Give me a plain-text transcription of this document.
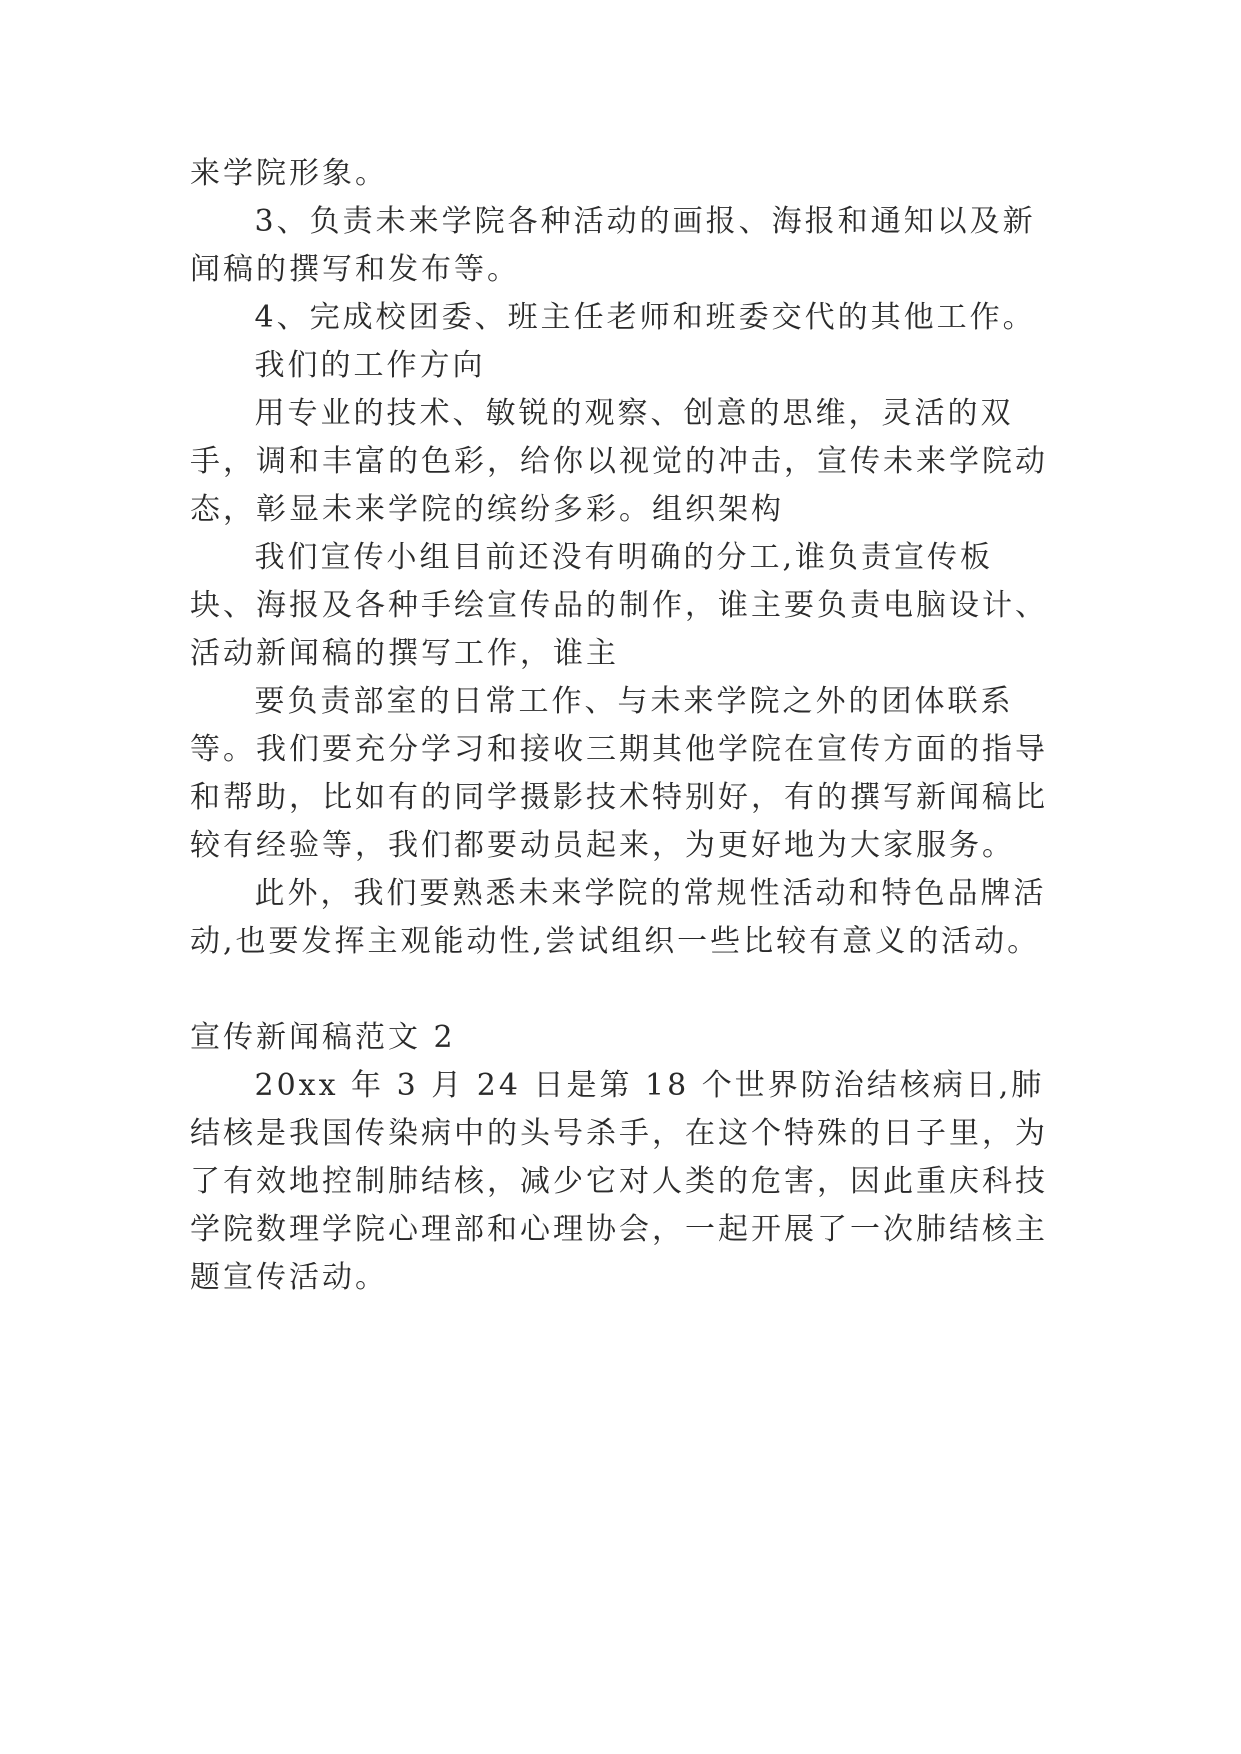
来学院形象。

3、负责未来学院各种活动的画报、海报和通知以及新闻稿的撰写和发布等。

4、完成校团委、班主任老师和班委交代的其他工作。

我们的工作方向

用专业的技术、敏锐的观察、创意的思维，灵活的双手，调和丰富的色彩，给你以视觉的冲击，宣传未来学院动态，彰显未来学院的缤纷多彩。组织架构

我们宣传小组目前还没有明确的分工,谁负责宣传板块、海报及各种手绘宣传品的制作，谁主要负责电脑设计、活动新闻稿的撰写工作，谁主

要负责部室的日常工作、与未来学院之外的团体联系等。我们要充分学习和接收三期其他学院在宣传方面的指导和帮助，比如有的同学摄影技术特别好，有的撰写新闻稿比较有经验等，我们都要动员起来，为更好地为大家服务。

此外，我们要熟悉未来学院的常规性活动和特色品牌活动,也要发挥主观能动性,尝试组织一些比较有意义的活动。

宣传新闻稿范文 2

20xx 年 3 月 24 日是第 18 个世界防治结核病日,肺结核是我国传染病中的头号杀手，在这个特殊的日子里，为了有效地控制肺结核，减少它对人类的危害，因此重庆科技学院数理学院心理部和心理协会，一起开展了一次肺结核主题宣传活动。
